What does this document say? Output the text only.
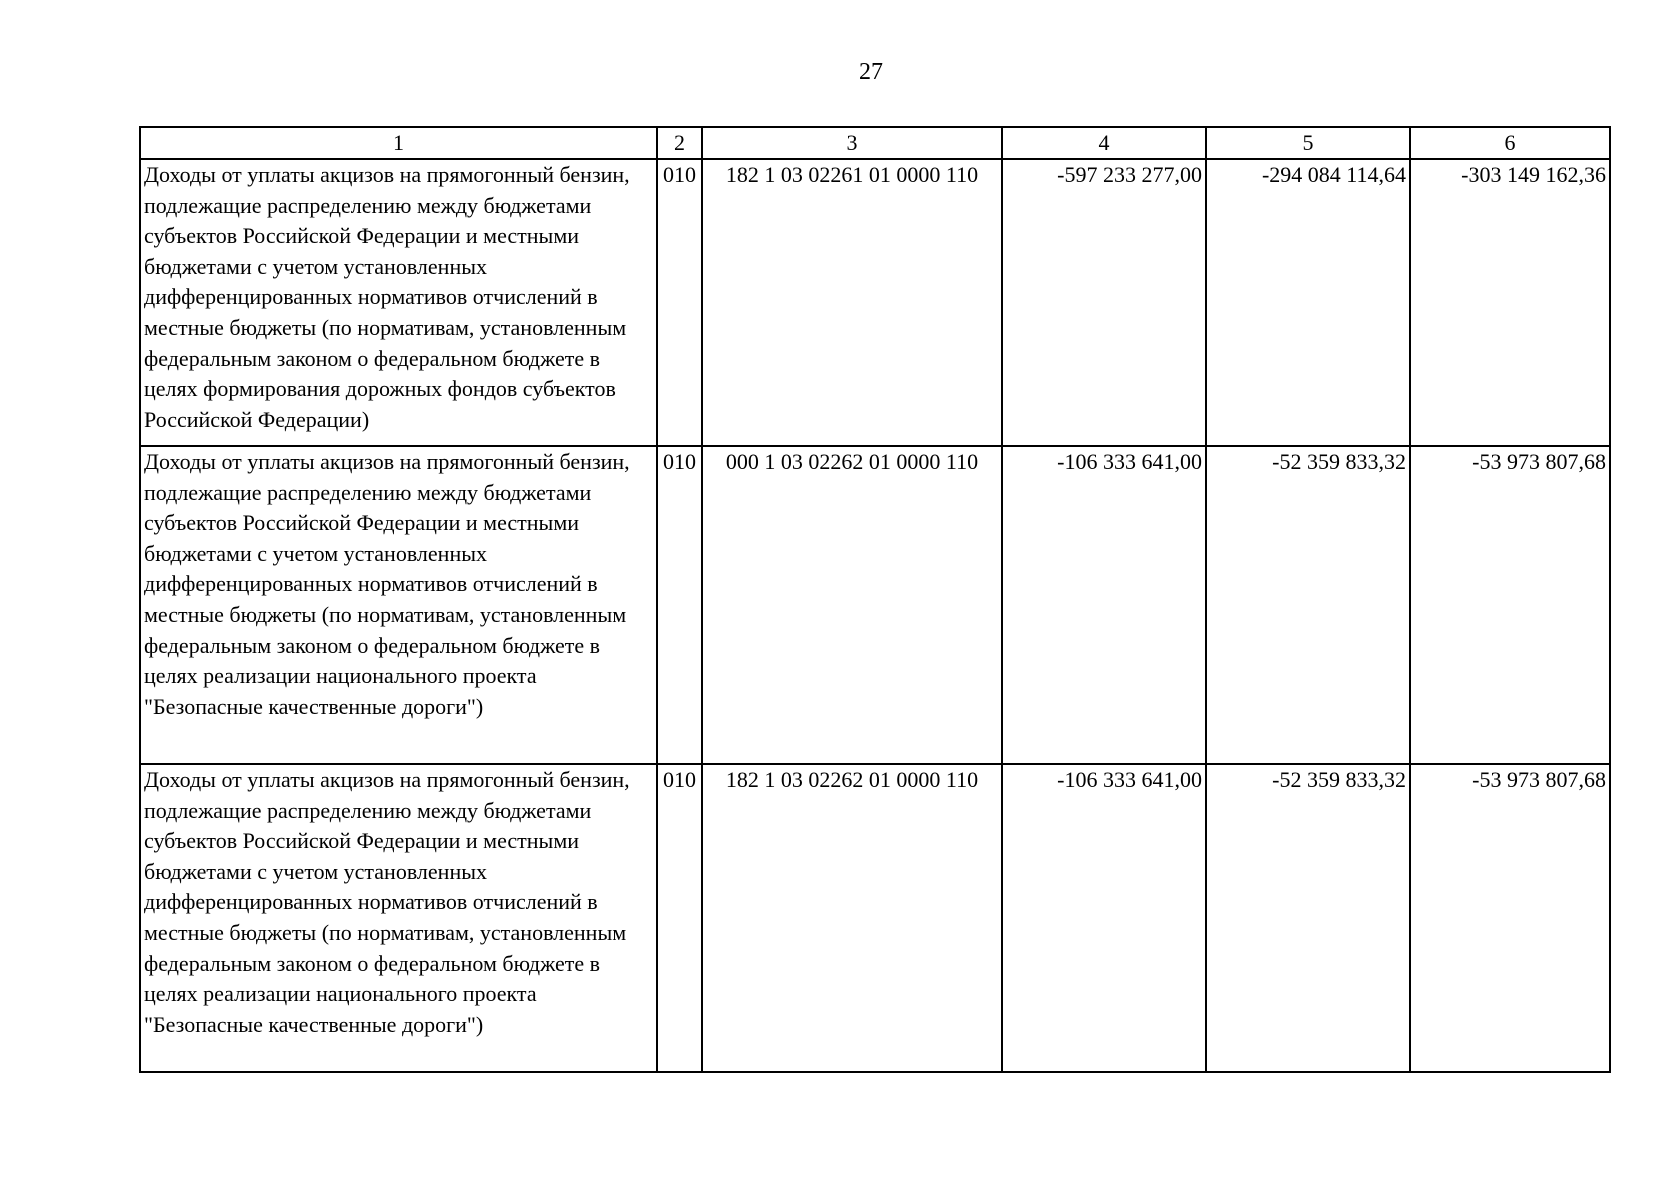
27
1	2	3	4	5	6
Доходы от уплаты акцизов на прямогонный бензин, подлежащие распределению между бюджетами субъектов Российской Федерации и местными бюджетами с учетом установленных дифференцированных нормативов отчислений в местные бюджеты (по нормативам, установленным федеральным законом о федеральном бюджете в целях формирования дорожных фондов субъектов Российской Федерации)	010	182 1 03 02261 01 0000 110	-597 233 277,00	-294 084 114,64	-303 149 162,36
Доходы от уплаты акцизов на прямогонный бензин, подлежащие распределению между бюджетами субъектов Российской Федерации и местными бюджетами с учетом установленных дифференцированных нормативов отчислений в местные бюджеты (по нормативам, установленным федеральным законом о федеральном бюджете в целях реализации национального проекта "Безопасные качественные дороги")	010	000 1 03 02262 01 0000 110	-106 333 641,00	-52 359 833,32	-53 973 807,68
Доходы от уплаты акцизов на прямогонный бензин, подлежащие распределению между бюджетами субъектов Российской Федерации и местными бюджетами с учетом установленных дифференцированных нормативов отчислений в местные бюджеты (по нормативам, установленным федеральным законом о федеральном бюджете в целях реализации национального проекта "Безопасные качественные дороги")	010	182 1 03 02262 01 0000 110	-106 333 641,00	-52 359 833,32	-53 973 807,68
